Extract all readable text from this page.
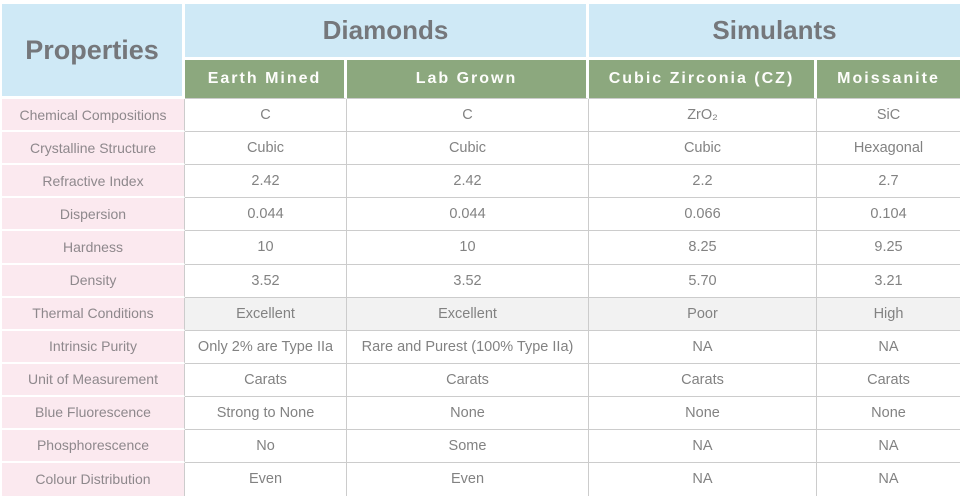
Properties	Diamonds		Simulants	
	Earth Mined	Lab Grown	Cubic Zirconia (CZ)	Moissanite
Chemical Compositions	C	C	ZrO₂	SiC
Crystalline Structure	Cubic	Cubic	Cubic	Hexagonal
Refractive Index	2.42	2.42	2.2	2.7
Dispersion	0.044	0.044	0.066	0.104
Hardness	10	10	8.25	9.25
Density	3.52	3.52	5.70	3.21
Thermal Conditions	Excellent	Excellent	Poor	High
Intrinsic Purity	Only 2% are Type IIa	Rare and Purest (100% Type IIa)	NA	NA
Unit of Measurement	Carats	Carats	Carats	Carats
Blue Fluorescence	Strong to None	None	None	None
Phosphorescence	No	Some	NA	NA
Colour Distribution	Even	Even	NA	NA
